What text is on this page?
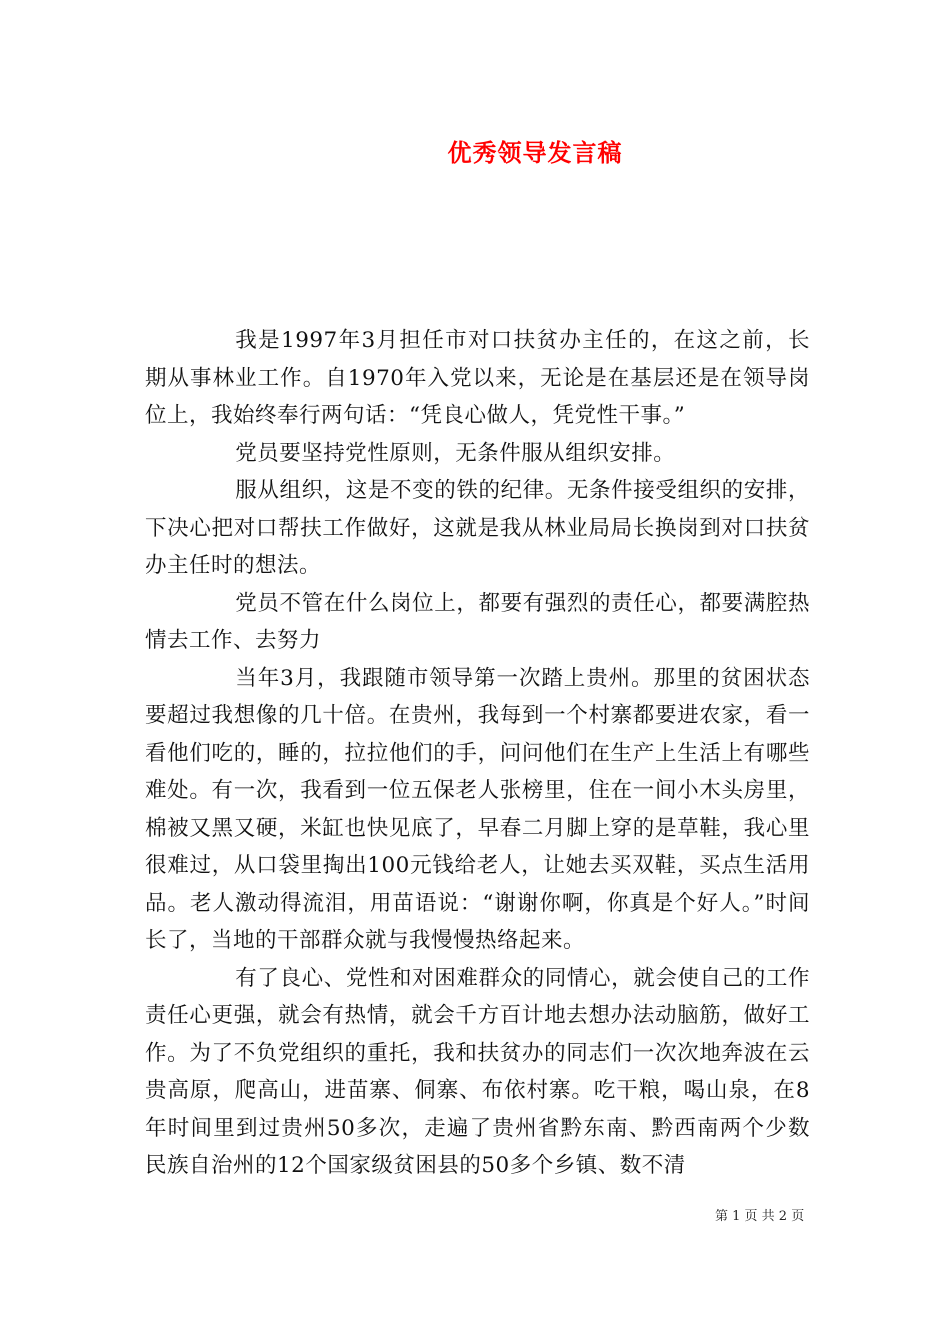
优秀领导发言稿

我是1997年3月担任市对口扶贫办主任的，在这之前，长期从事林业工作。自1970年入党以来，无论是在基层还是在领导岗位上，我始终奉行两句话：“凭良心做人，凭党性干事。”

党员要坚持党性原则，无条件服从组织安排。

服从组织，这是不变的铁的纪律。无条件接受组织的安排，下决心把对口帮扶工作做好，这就是我从林业局局长换岗到对口扶贫办主任时的想法。

党员不管在什么岗位上，都要有强烈的责任心，都要满腔热情去工作、去努力

当年3月，我跟随市领导第一次踏上贵州。那里的贫困状态要超过我想像的几十倍。在贵州，我每到一个村寨都要进农家，看一看他们吃的，睡的，拉拉他们的手，问问他们在生产上生活上有哪些难处。有一次，我看到一位五保老人张榜里，住在一间小木头房里，棉被又黑又硬，米缸也快见底了，早春二月脚上穿的是草鞋，我心里很难过，从口袋里掏出100元钱给老人，让她去买双鞋，买点生活用品。老人激动得流泪，用苗语说：“谢谢你啊，你真是个好人。”时间长了，当地的干部群众就与我慢慢热络起来。

有了良心、党性和对困难群众的同情心，就会使自己的工作责任心更强，就会有热情，就会千方百计地去想办法动脑筋，做好工作。为了不负党组织的重托，我和扶贫办的同志们一次次地奔波在云贵高原，爬高山，进苗寨、侗寨、布依村寨。吃干粮，喝山泉，在8年时间里到过贵州50多次，走遍了贵州省黔东南、黔西南两个少数民族自治州的12个国家级贫困县的50多个乡镇、数不清

第 1 页 共 2 页
